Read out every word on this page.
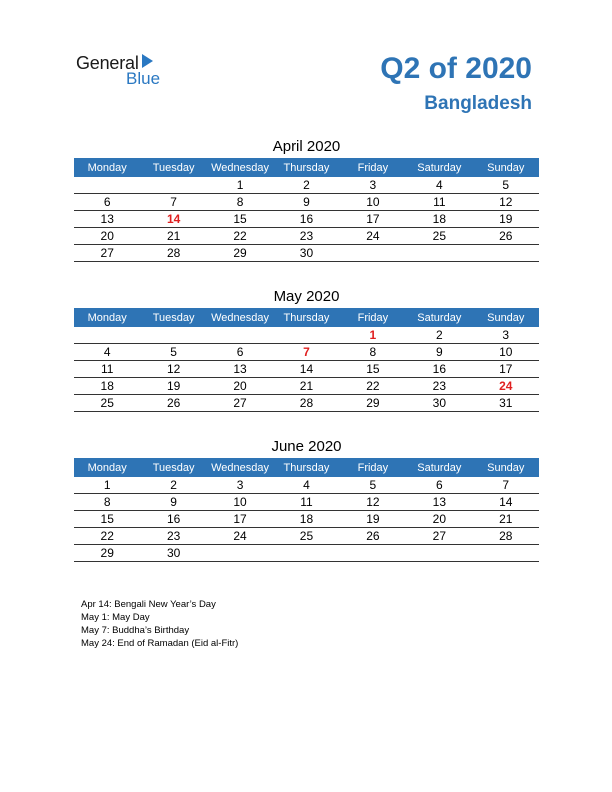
General
Blue	Q2 of 2020
Bangladesh
April 2020
Monday	Tuesday	Wednesday	Thursday	Friday	Saturday	Sunday
		1	2	3	4	5
6	7	8	9	10	11	12
13	14	15	16	17	18	19
20	21	22	23	24	25	26
27	28	29	30			
May 2020
Monday	Tuesday	Wednesday	Thursday	Friday	Saturday	Sunday
				1	2	3
4	5	6	7	8	9	10
11	12	13	14	15	16	17
18	19	20	21	22	23	24
25	26	27	28	29	30	31
June 2020
Monday	Tuesday	Wednesday	Thursday	Friday	Saturday	Sunday
1	2	3	4	5	6	7
8	9	10	11	12	13	14
15	16	17	18	19	20	21
22	23	24	25	26	27	28
29	30					
Apr 14: Bengali New Year’s Day
May 1: May Day
May 7: Buddha’s Birthday
May 24: End of Ramadan (Eid al-Fitr)
